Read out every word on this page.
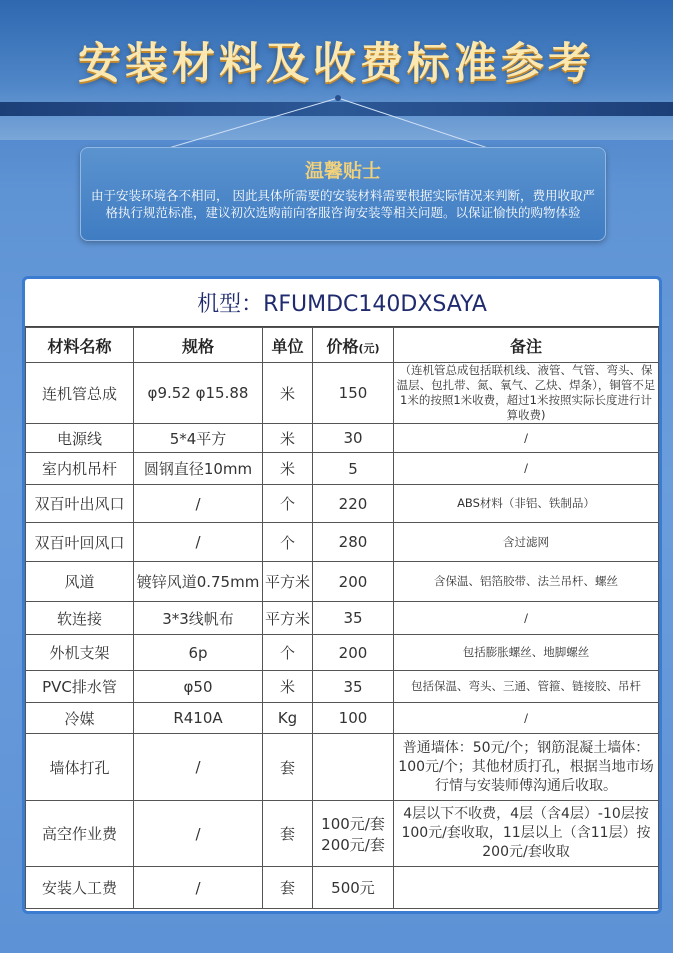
安装材料及收费标准参考
温馨贴士

由于安装环境各不相同， 因此具体所需要的安装材料需要根据实际情况来判断，费用收取严格执行规范标准，建议初次选购前向客服咨询安装等相关问题。以保证愉快的购物体验

机型：RFUMDC140DXSAYA
材料名称	规格	单位	价格(元)	备注
连机管总成	φ9.52 φ15.88	米	150	（连机管总成包括联机线、液管、气管、弯头、保温层、包扎带、氮、氧气、乙炔、焊条），铜管不足1米的按照1米收费，超过1米按照实际长度进行计算收费)
电源线	5*4平方	米	30	/
室内机吊杆	圆钢直径10mm	米	5	/
双百叶出风口	/	个	220	ABS材料（非铝、铁制品）
双百叶回风口	/	个	280	含过滤网
风道	镀锌风道0.75mm	平方米	200	含保温、铝箔胶带、法兰吊杆、螺丝
软连接	3*3线帆布	平方米	35	/
外机支架	6p	个	200	包括膨胀螺丝、地脚螺丝
PVC排水管	φ50	米	35	包括保温、弯头、三通、管箍、链接胶、吊杆
冷媒	R410A	Kg	100	/
墙体打孔	/	套		普通墙体：50元/个；钢筋混凝土墙体：100元/个；其他材质打孔，根据当地市场行情与安装师傅沟通后收取。
高空作业费	/	套	100元/套 200元/套	4层以下不收费，4层（含4层）-10层按100元/套收取，11层以上（含11层）按200元/套收取
安装人工费	/	套	500元	
